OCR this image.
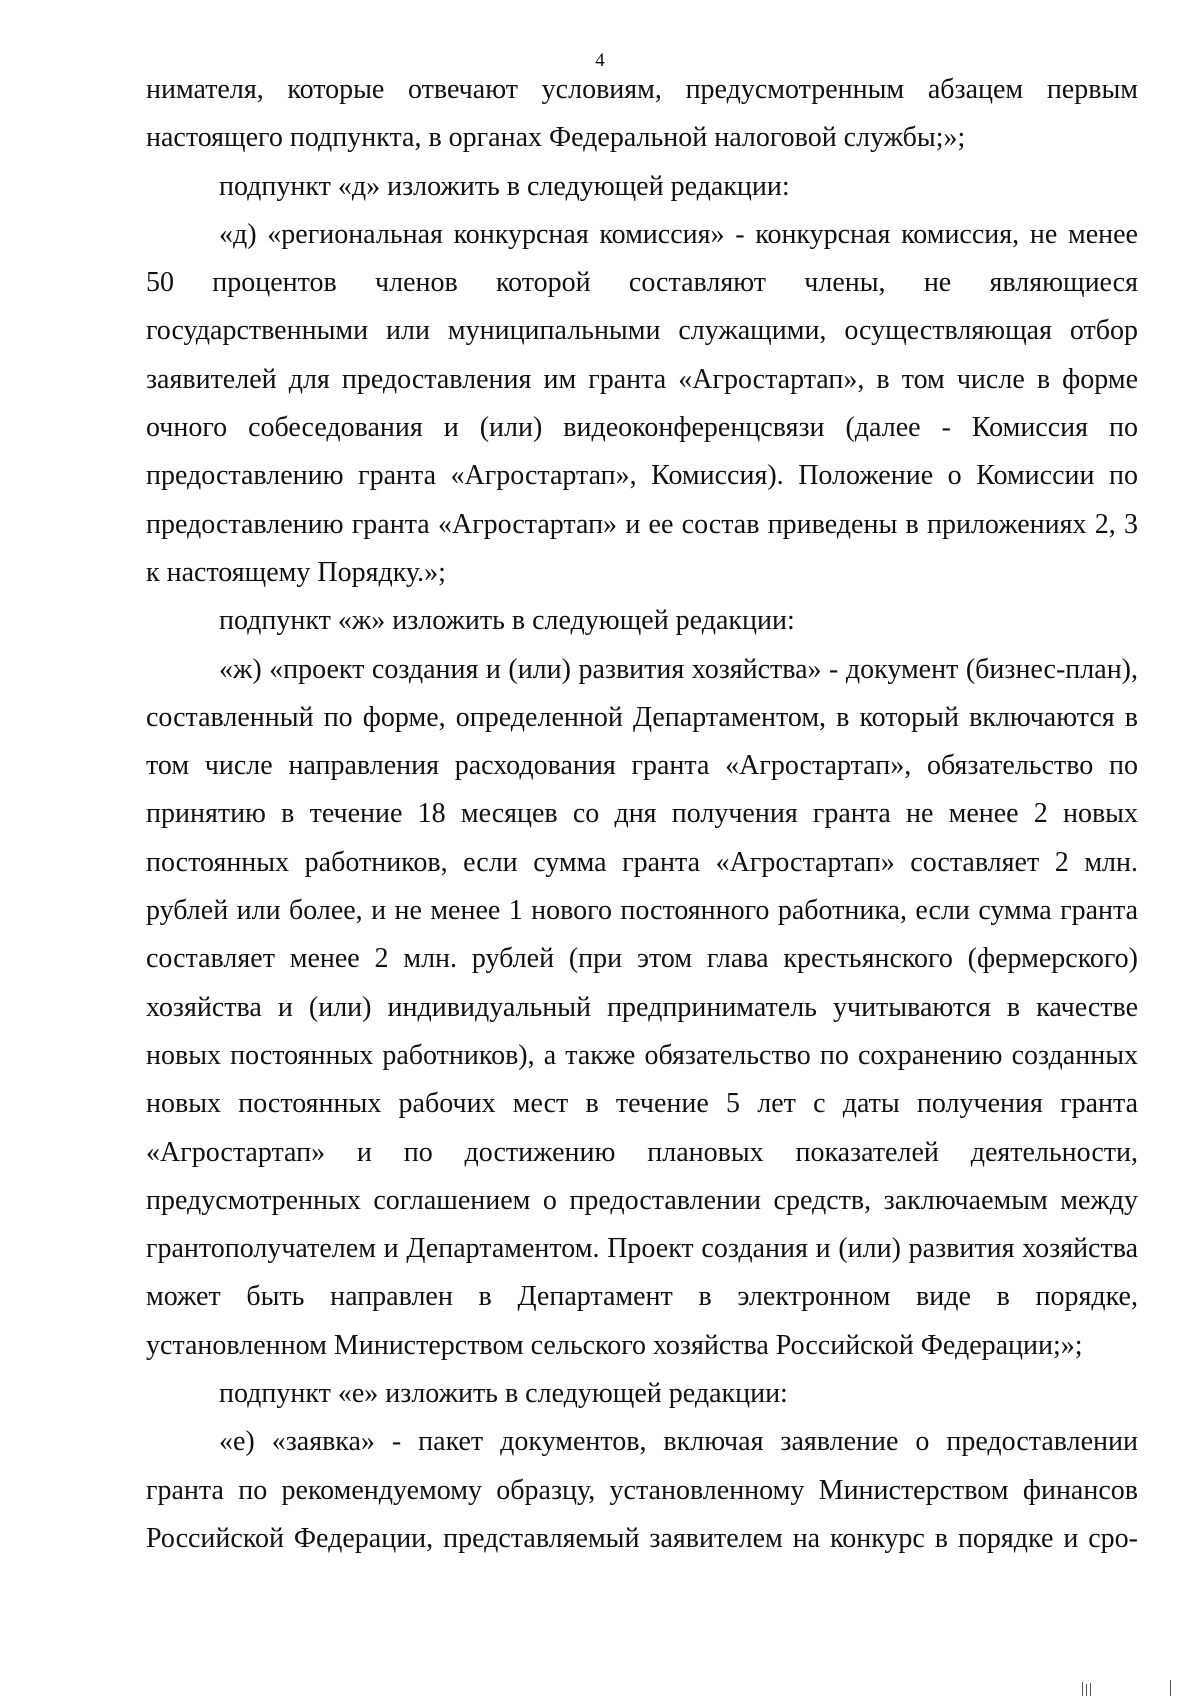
4

нимателя, которые отвечают условиям, предусмотренным абзацем первым настоящего подпункта, в органах Федеральной налоговой службы;»;

подпункт «д» изложить в следующей редакции:

«д) «региональная конкурсная комиссия» - конкурсная комиссия, не менее 50 процентов членов которой составляют члены, не являющиеся государственными или муниципальными служащими, осуществляющая отбор заявителей для предоставления им гранта «Агростартап», в том числе в форме очного собеседования и (или) видеоконференцсвязи (далее - Комиссия по предоставлению гранта «Агростартап», Комиссия). Положение о Комиссии по предоставлению гранта «Агростартап» и ее состав приведены в приложениях 2, 3 к настоящему Порядку.»;

подпункт «ж» изложить в следующей редакции:

«ж) «проект создания и (или) развития хозяйства» - документ (бизнес-план), составленный по форме, определенной Департаментом, в который включаются в том числе направления расходования гранта «Агростартап», обязательство по принятию в течение 18 месяцев со дня получения гранта не менее 2 новых постоянных работников, если сумма гранта «Агростартап» составляет 2 млн. рублей или более, и не менее 1 нового постоянного работника, если сумма гранта составляет менее 2 млн. рублей (при этом глава крестьянского (фермерского) хозяйства и (или) индивидуальный предприниматель учитываются в качестве новых постоянных работников), а также обязательство по сохранению созданных новых постоянных рабочих мест в течение 5 лет с даты получения гранта «Агростартап» и по достижению плановых показателей деятельности, предусмотренных соглашением о предоставлении средств, заключаемым между грантополучателем и Департаментом. Проект создания и (или) развития хозяйства может быть направлен в Департамент в электронном виде в порядке, установленном Министерством сельского хозяйства Российской Федерации;»;

подпункт «е» изложить в следующей редакции:

«е) «заявка» - пакет документов, включая заявление о предоставлении гранта по рекомендуемому образцу, установленному Министерством финансов Российской Федерации, представляемый заявителем на конкурс в порядке и сро-
